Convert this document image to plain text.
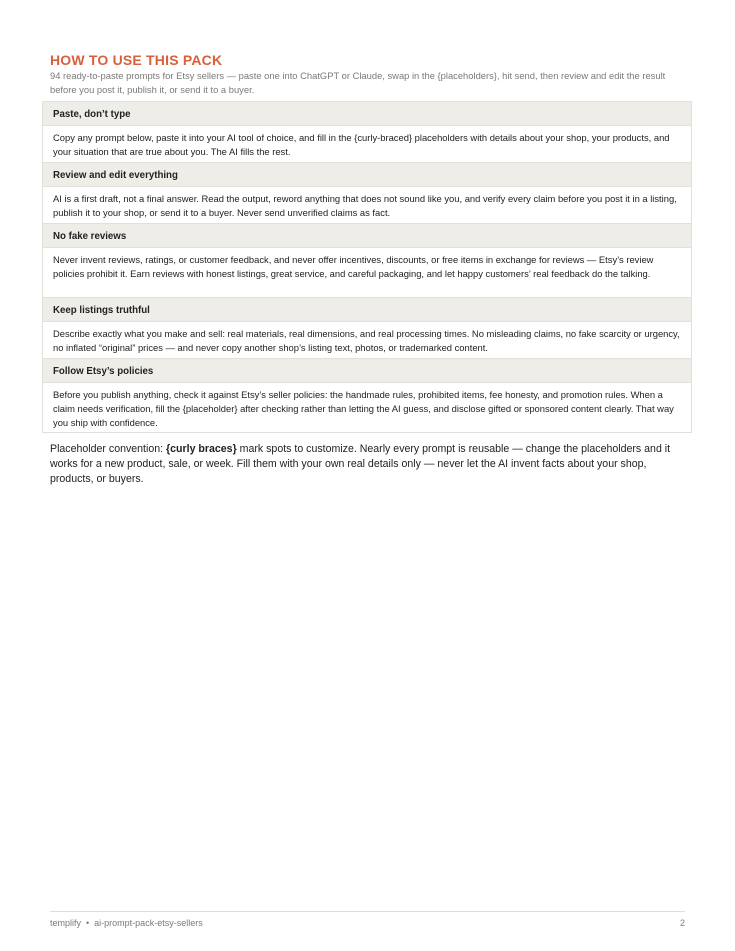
HOW TO USE THIS PACK

94 ready-to-paste prompts for Etsy sellers — paste one into ChatGPT or Claude, swap in the {placeholders}, hit send, then review and edit the result before you post it, publish it, or send it to a buyer.

Paste, don’t type
Copy any prompt below, paste it into your AI tool of choice, and fill in the {curly-braced} placeholders with details about your shop, your products, and your situation that are true about you. The AI fills the rest.
Review and edit everything
AI is a first draft, not a final answer. Read the output, reword anything that does not sound like you, and verify every claim before you post it in a listing, publish it to your shop, or send it to a buyer. Never send unverified claims as fact.
No fake reviews
Never invent reviews, ratings, or customer feedback, and never offer incentives, discounts, or free items in exchange for reviews — Etsy’s review policies prohibit it. Earn reviews with honest listings, great service, and careful packaging, and let happy customers’ real feedback do the talking.
Keep listings truthful
Describe exactly what you make and sell: real materials, real dimensions, and real processing times. No misleading claims, no fake scarcity or urgency, no inflated “original” prices — and never copy another shop’s listing text, photos, or trademarked content.
Follow Etsy’s policies
Before you publish anything, check it against Etsy’s seller policies: the handmade rules, prohibited items, fee honesty, and promotion rules. When a claim needs verification, fill the {placeholder} after checking rather than letting the AI guess, and disclose gifted or sponsored content clearly. That way you ship with confidence.

Placeholder convention: {curly braces} mark spots to customize. Nearly every prompt is reusable — change the placeholders and it works for a new product, sale, or week. Fill them with your own real details only — never let the AI invent facts about your shop, products, or buyers.

templify • ai-prompt-pack-etsy-sellers	2
